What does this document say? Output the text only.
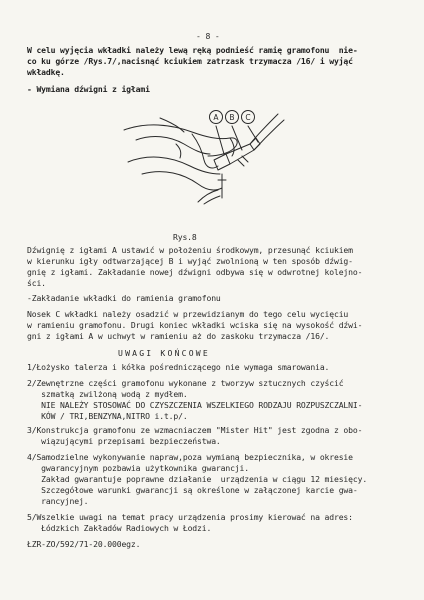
- 8 -
W celu wyjęcia wkładki należy lewą ręką podnieść ramię gramofonu  nie-
co ku górze /Rys.7/,nacisnąć kciukiem zatrzask trzymacza /16/ i wyjąć
wkładkę.
- Wymiana dźwigni z igłami
A B C
Rys.8
Dźwignię z igłami A ustawić w położeniu środkowym, przesunąć kciukiem
w kierunku igły odtwarzającej B i wyjąć zwolnioną w ten sposób dźwig-
gnię z igłami. Zakładanie nowej dźwigni odbywa się w odwrotnej kolejno-
ści.
-Zakładanie wkładki do ramienia gramofonu
Nosek C wkładki należy osadzić w przewidzianym do tego celu wycięciu
w ramieniu gramofonu. Drugi koniec wkładki wciska się na wysokość dźwi-
gni z igłami A w uchwyt w ramieniu aż do zaskoku trzymacza /16/.
UWAGI KOŃCOWE
1/Łożysko talerza i kółka pośredniczącego nie wymaga smarowania.
2/Zewnętrzne części gramofonu wykonane z tworzyw sztucznych czyścić
szmatką zwilżoną wodą z mydłem.
NIE NALEŻY STOSOWAĆ DO CZYSZCZENIA WSZELKIEGO RODZAJU ROZPUSZCZALNI-
KÓW / TRI,BENZYNA,NITRO i.t.p/.
3/Konstrukcja gramofonu ze wzmacniaczem "Mister Hit" jest zgodna z obo-
wiązującymi przepisami bezpieczeństwa.
4/Samodzielne wykonywanie napraw,poza wymianą bezpiecznika, w okresie
gwarancyjnym pozbawia użytkownika gwarancji.
Zakład gwarantuje poprawne działanie  urządzenia w ciągu 12 miesięcy.
Szczegółowe warunki gwarancji są określone w załączonej karcie gwa-
rancyjnej.
5/Wszelkie uwagi na temat pracy urządzenia prosimy kierować na adres:
Łódzkich Zakładów Radiowych w Łodzi.
ŁZR-ZO/592/71-20.000egz.
